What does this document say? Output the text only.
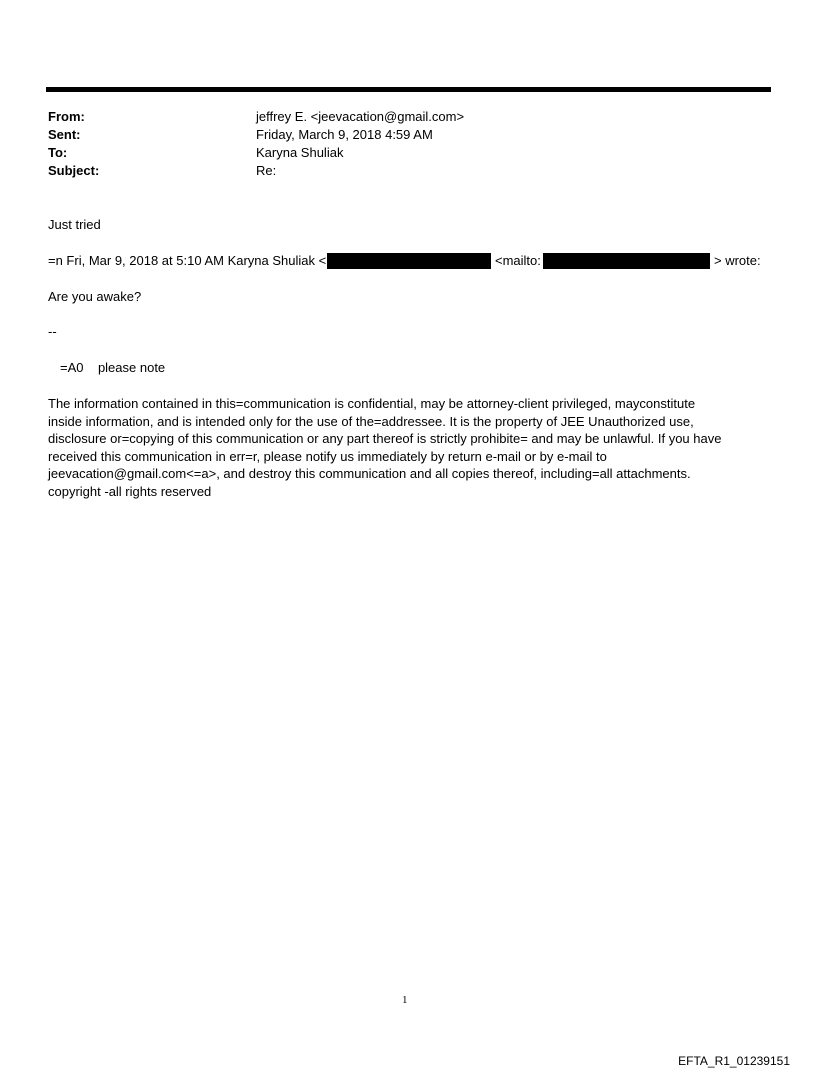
From:	jeffrey E. <jeevacation@gmail.com>
Sent:	Friday, March 9, 2018 4:59 AM
To:	Karyna Shuliak
Subject:	Re:
Just tried
=n Fri, Mar 9, 2018 at 5:10 AM Karyna Shuliak <	<mailto:	> wrote:
Are you awake?
--
=A0    please note
The information contained in this=communication is confidential, may be attorney-client privileged, mayconstitute
inside information, and is intended only for the use of the=addressee. It is the property of JEE Unauthorized use,
disclosure or=copying of this communication or any part thereof is strictly prohibite= and may be unlawful. If you have
received this communication in err=r, please notify us immediately by return e-mail or by e-mail to
jeevacation@gmail.com<=a>, and destroy this communication and all copies thereof, including=all attachments.
copyright -all rights reserved
1
EFTA_R1_01239151
